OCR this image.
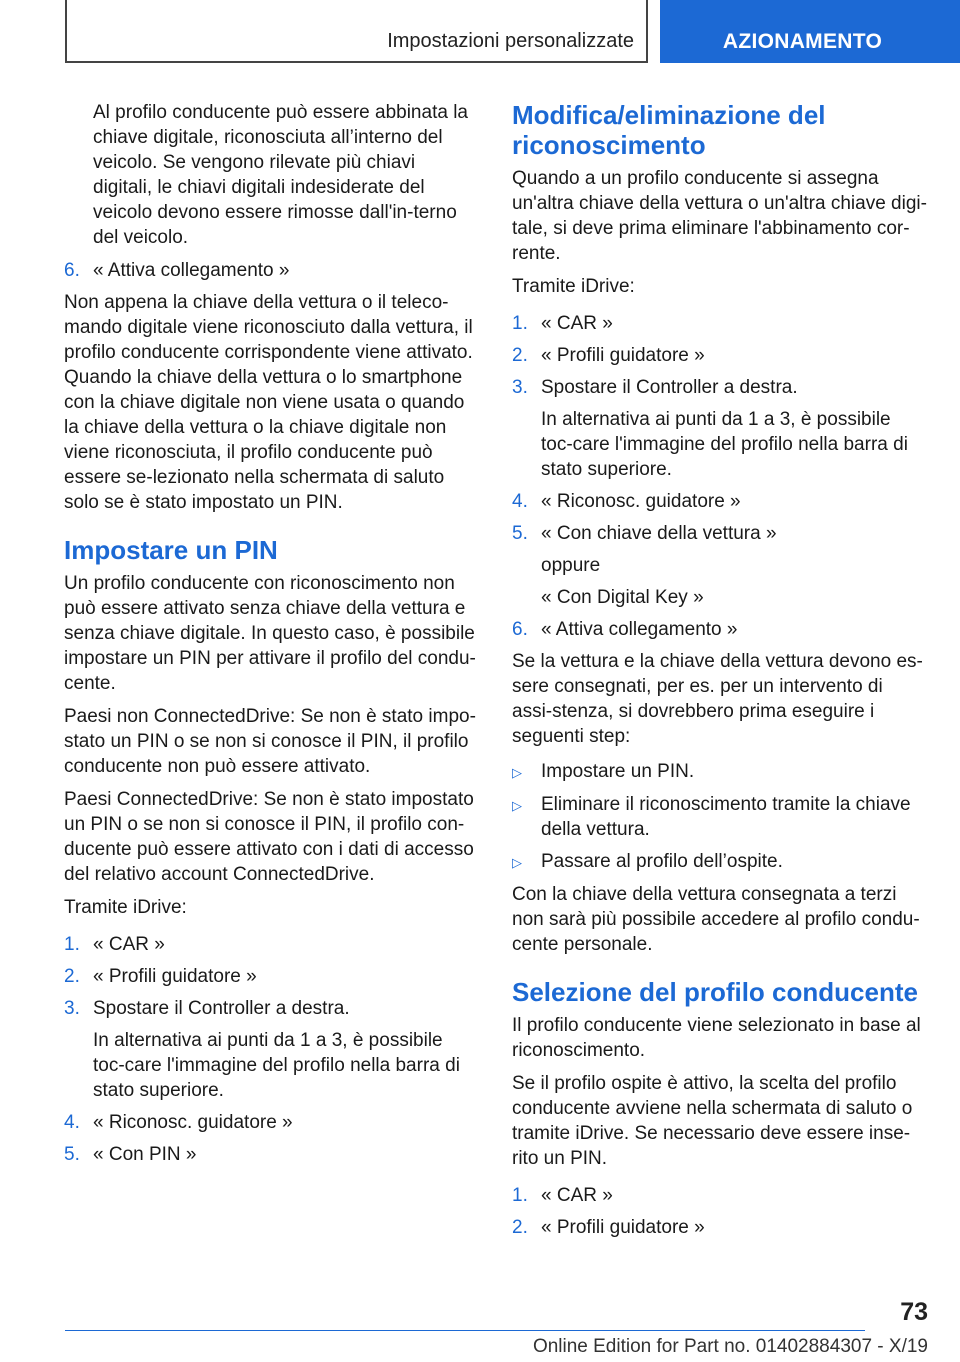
Impostazioni personalizzate	AZIONAMENTO

Al profilo conducente può essere abbinata la chiave digitale, riconosciuta all’interno del veicolo. Se vengono rilevate più chiavi digitali, le chiavi digitali indesiderate del veicolo devono essere rimosse dall'in-terno del veicolo.

6. « Attiva collegamento »

Non appena la chiave della vettura o il teleco-mando digitale viene riconosciuto dalla vettura, il profilo conducente corrispondente viene attivato. Quando la chiave della vettura o lo smartphone con la chiave digitale non viene usata o quando la chiave della vettura o la chiave digitale non viene riconosciuta, il profilo conducente può essere se-lezionato nella schermata di saluto solo se è stato impostato un PIN.

Impostare un PIN

Un profilo conducente con riconoscimento non può essere attivato senza chiave della vettura e senza chiave digitale. In questo caso, è possibile impostare un PIN per attivare il profilo del condu-cente.

Paesi non ConnectedDrive: Se non è stato impo-stato un PIN o se non si conosce il PIN, il profilo conducente non può essere attivato.

Paesi ConnectedDrive: Se non è stato impostato un PIN o se non si conosce il PIN, il profilo con-ducente può essere attivato con i dati di accesso del relativo account ConnectedDrive.

Tramite iDrive:

1. « CAR »
2. « Profili guidatore »
3. Spostare il Controller a destra.
In alternativa ai punti da 1 a 3, è possibile toc-care l'immagine del profilo nella barra di stato superiore.
4. « Riconosc. guidatore »
5. « Con PIN »
Modifica/eliminazione del riconoscimento

Quando a un profilo conducente si assegna un'altra chiave della vettura o un'altra chiave digi-tale, si deve prima eliminare l'abbinamento cor-rente.

Tramite iDrive:

1. « CAR »
2. « Profili guidatore »
3. Spostare il Controller a destra.
In alternativa ai punti da 1 a 3, è possibile toc-care l'immagine del profilo nella barra di stato superiore.
4. « Riconosc. guidatore »
5. « Con chiave della vettura »
oppure
« Con Digital Key »
6. « Attiva collegamento »

Se la vettura e la chiave della vettura devono es-sere consegnati, per es. per un intervento di assi-stenza, si dovrebbero prima eseguire i seguenti step:

▷	Impostare un PIN.
▷	Eliminare il riconoscimento tramite la chiave della vettura.
▷	Passare al profilo dell’ospite.

Con la chiave della vettura consegnata a terzi non sarà più possibile accedere al profilo condu-cente personale.

Selezione del profilo conducente

Il profilo conducente viene selezionato in base al riconoscimento.

Se il profilo ospite è attivo, la scelta del profilo conducente avviene nella schermata di saluto o tramite iDrive. Se necessario deve essere inse-rito un PIN.

1. « CAR »
2. « Profili guidatore »
73
Online Edition for Part no. 01402884307 - X/19
